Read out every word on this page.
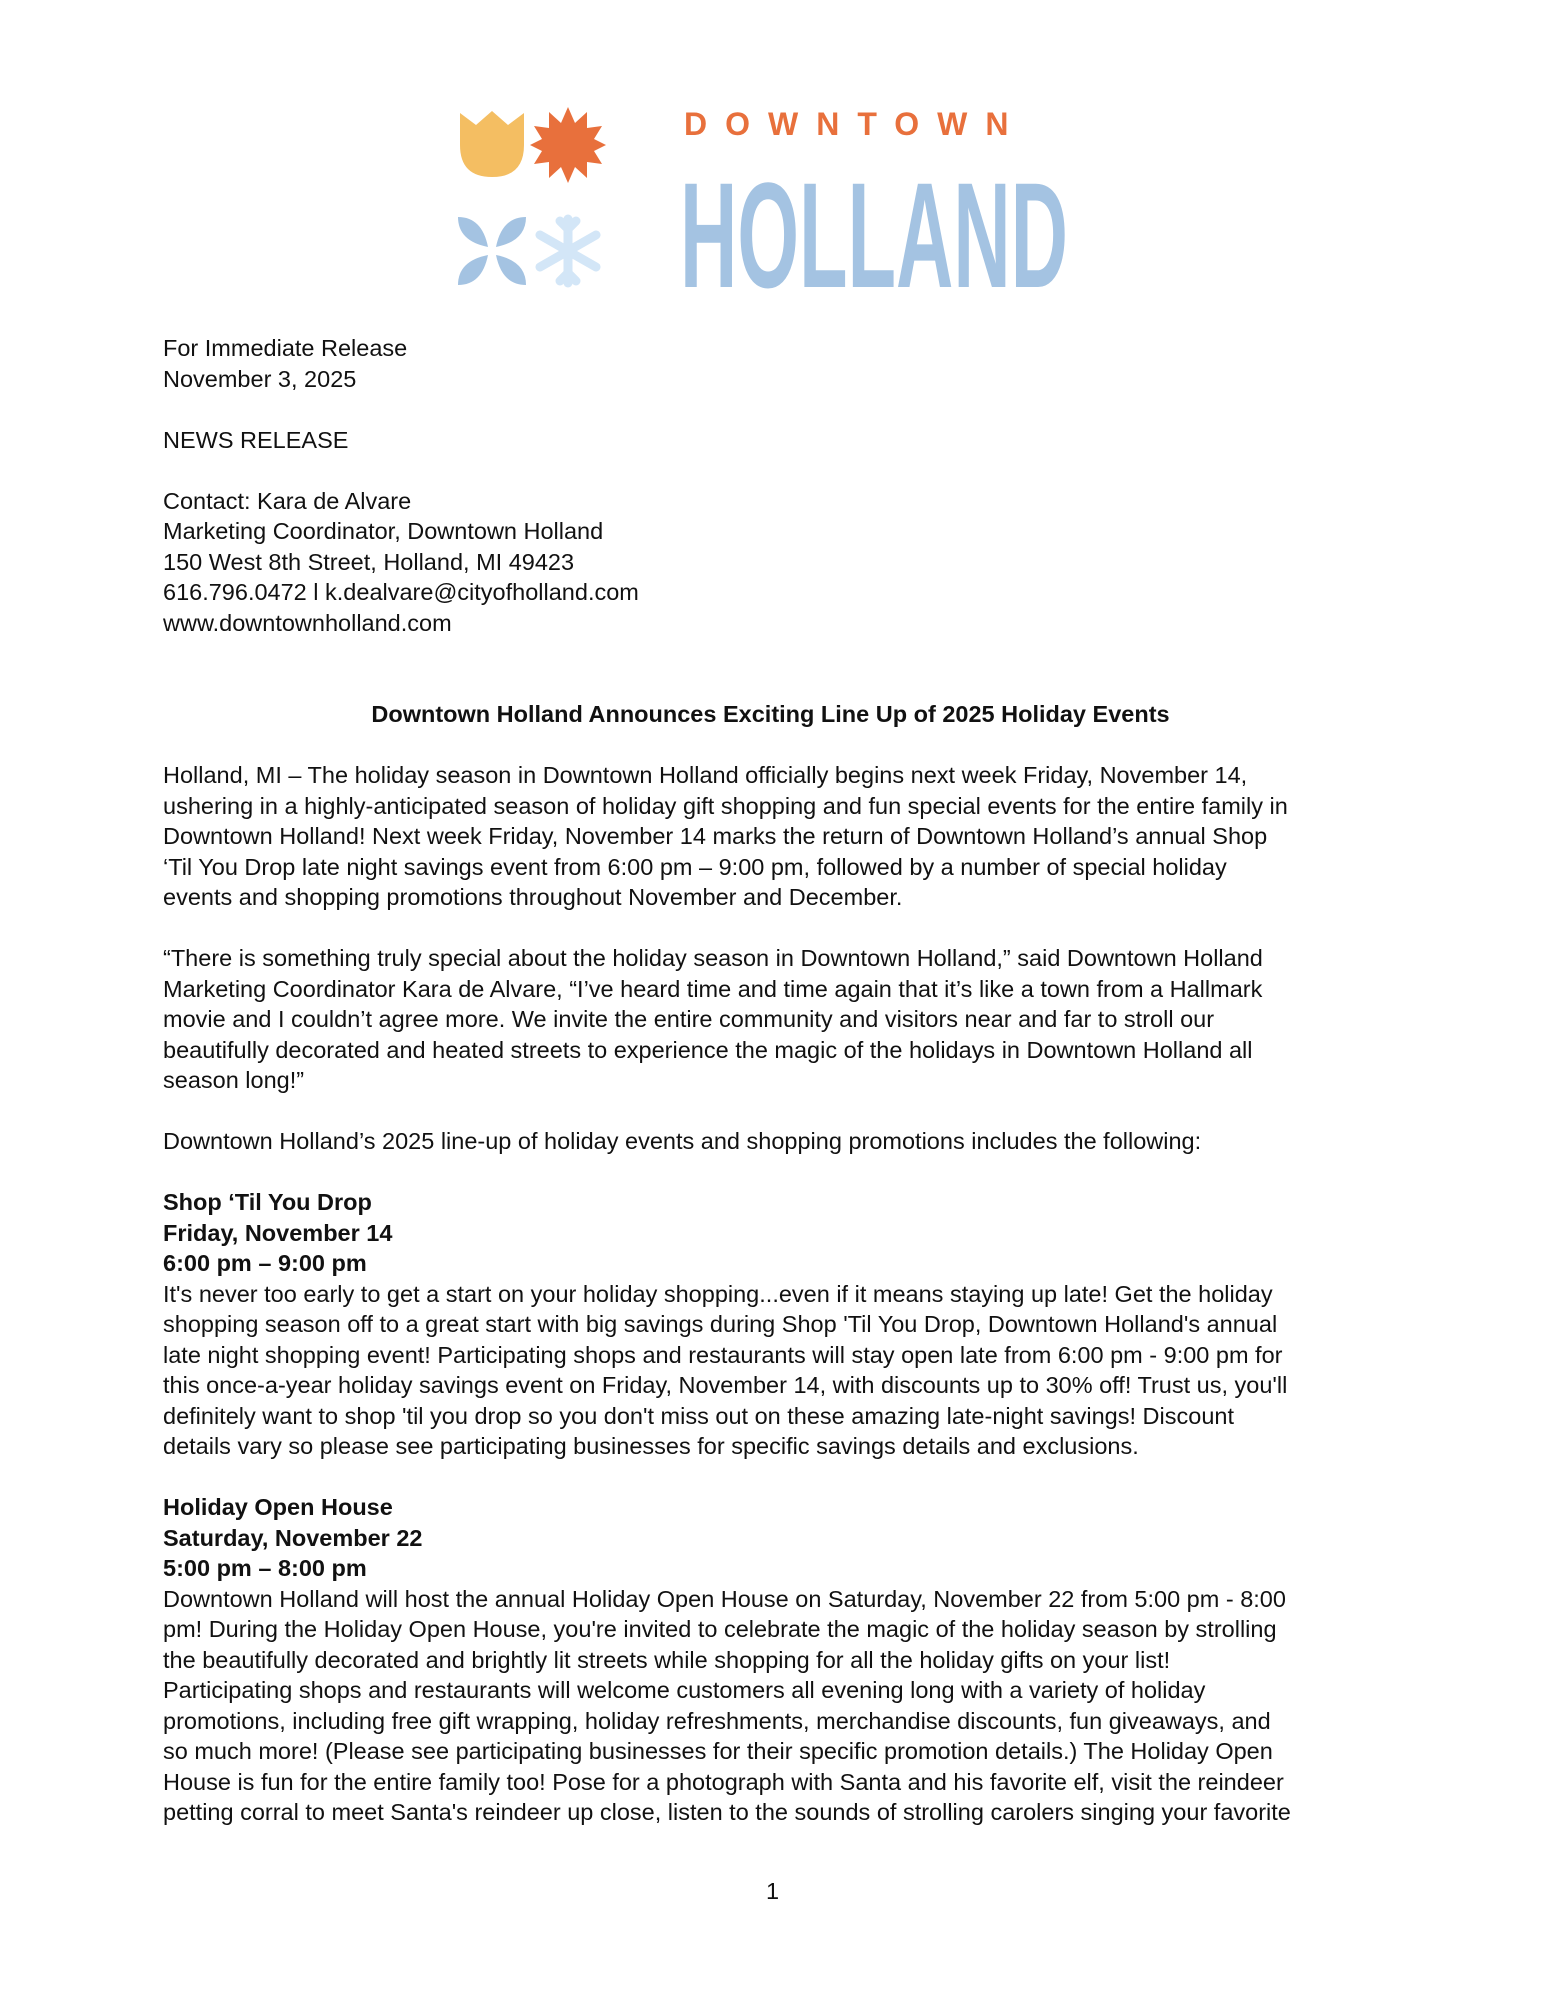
DOWNTOWN
HOLLAND
For Immediate Release
November 3, 2025
NEWS RELEASE
Contact: Kara de Alvare
Marketing Coordinator, Downtown Holland
150 West 8th Street, Holland, MI 49423
616.796.0472 l k.dealvare@cityofholland.com
www.downtownholland.com
Downtown Holland Announces Exciting Line Up of 2025 Holiday Events
Holland, MI – The holiday season in Downtown Holland officially begins next week Friday, November 14,
ushering in a highly-anticipated season of holiday gift shopping and fun special events for the entire family in
Downtown Holland! Next week Friday, November 14 marks the return of Downtown Holland’s annual Shop
‘Til You Drop late night savings event from 6:00 pm – 9:00 pm, followed by a number of special holiday
events and shopping promotions throughout November and December.
“There is something truly special about the holiday season in Downtown Holland,” said Downtown Holland
Marketing Coordinator Kara de Alvare, “I’ve heard time and time again that it’s like a town from a Hallmark
movie and I couldn’t agree more. We invite the entire community and visitors near and far to stroll our
beautifully decorated and heated streets to experience the magic of the holidays in Downtown Holland all
season long!”
Downtown Holland’s 2025 line-up of holiday events and shopping promotions includes the following:
Shop ‘Til You Drop
Friday, November 14
6:00 pm – 9:00 pm
It's never too early to get a start on your holiday shopping...even if it means staying up late! Get the holiday
shopping season off to a great start with big savings during Shop 'Til You Drop, Downtown Holland's annual
late night shopping event! Participating shops and restaurants will stay open late from 6:00 pm - 9:00 pm for
this once-a-year holiday savings event on Friday, November 14, with discounts up to 30% off! Trust us, you'll
definitely want to shop 'til you drop so you don't miss out on these amazing late-night savings! Discount
details vary so please see participating businesses for specific savings details and exclusions.
Holiday Open House
Saturday, November 22
5:00 pm – 8:00 pm
Downtown Holland will host the annual Holiday Open House on Saturday, November 22 from 5:00 pm - 8:00
pm! During the Holiday Open House, you're invited to celebrate the magic of the holiday season by strolling
the beautifully decorated and brightly lit streets while shopping for all the holiday gifts on your list!
Participating shops and restaurants will welcome customers all evening long with a variety of holiday
promotions, including free gift wrapping, holiday refreshments, merchandise discounts, fun giveaways, and
so much more! (Please see participating businesses for their specific promotion details.) The Holiday Open
House is fun for the entire family too! Pose for a photograph with Santa and his favorite elf, visit the reindeer
petting corral to meet Santa's reindeer up close, listen to the sounds of strolling carolers singing your favorite
1
